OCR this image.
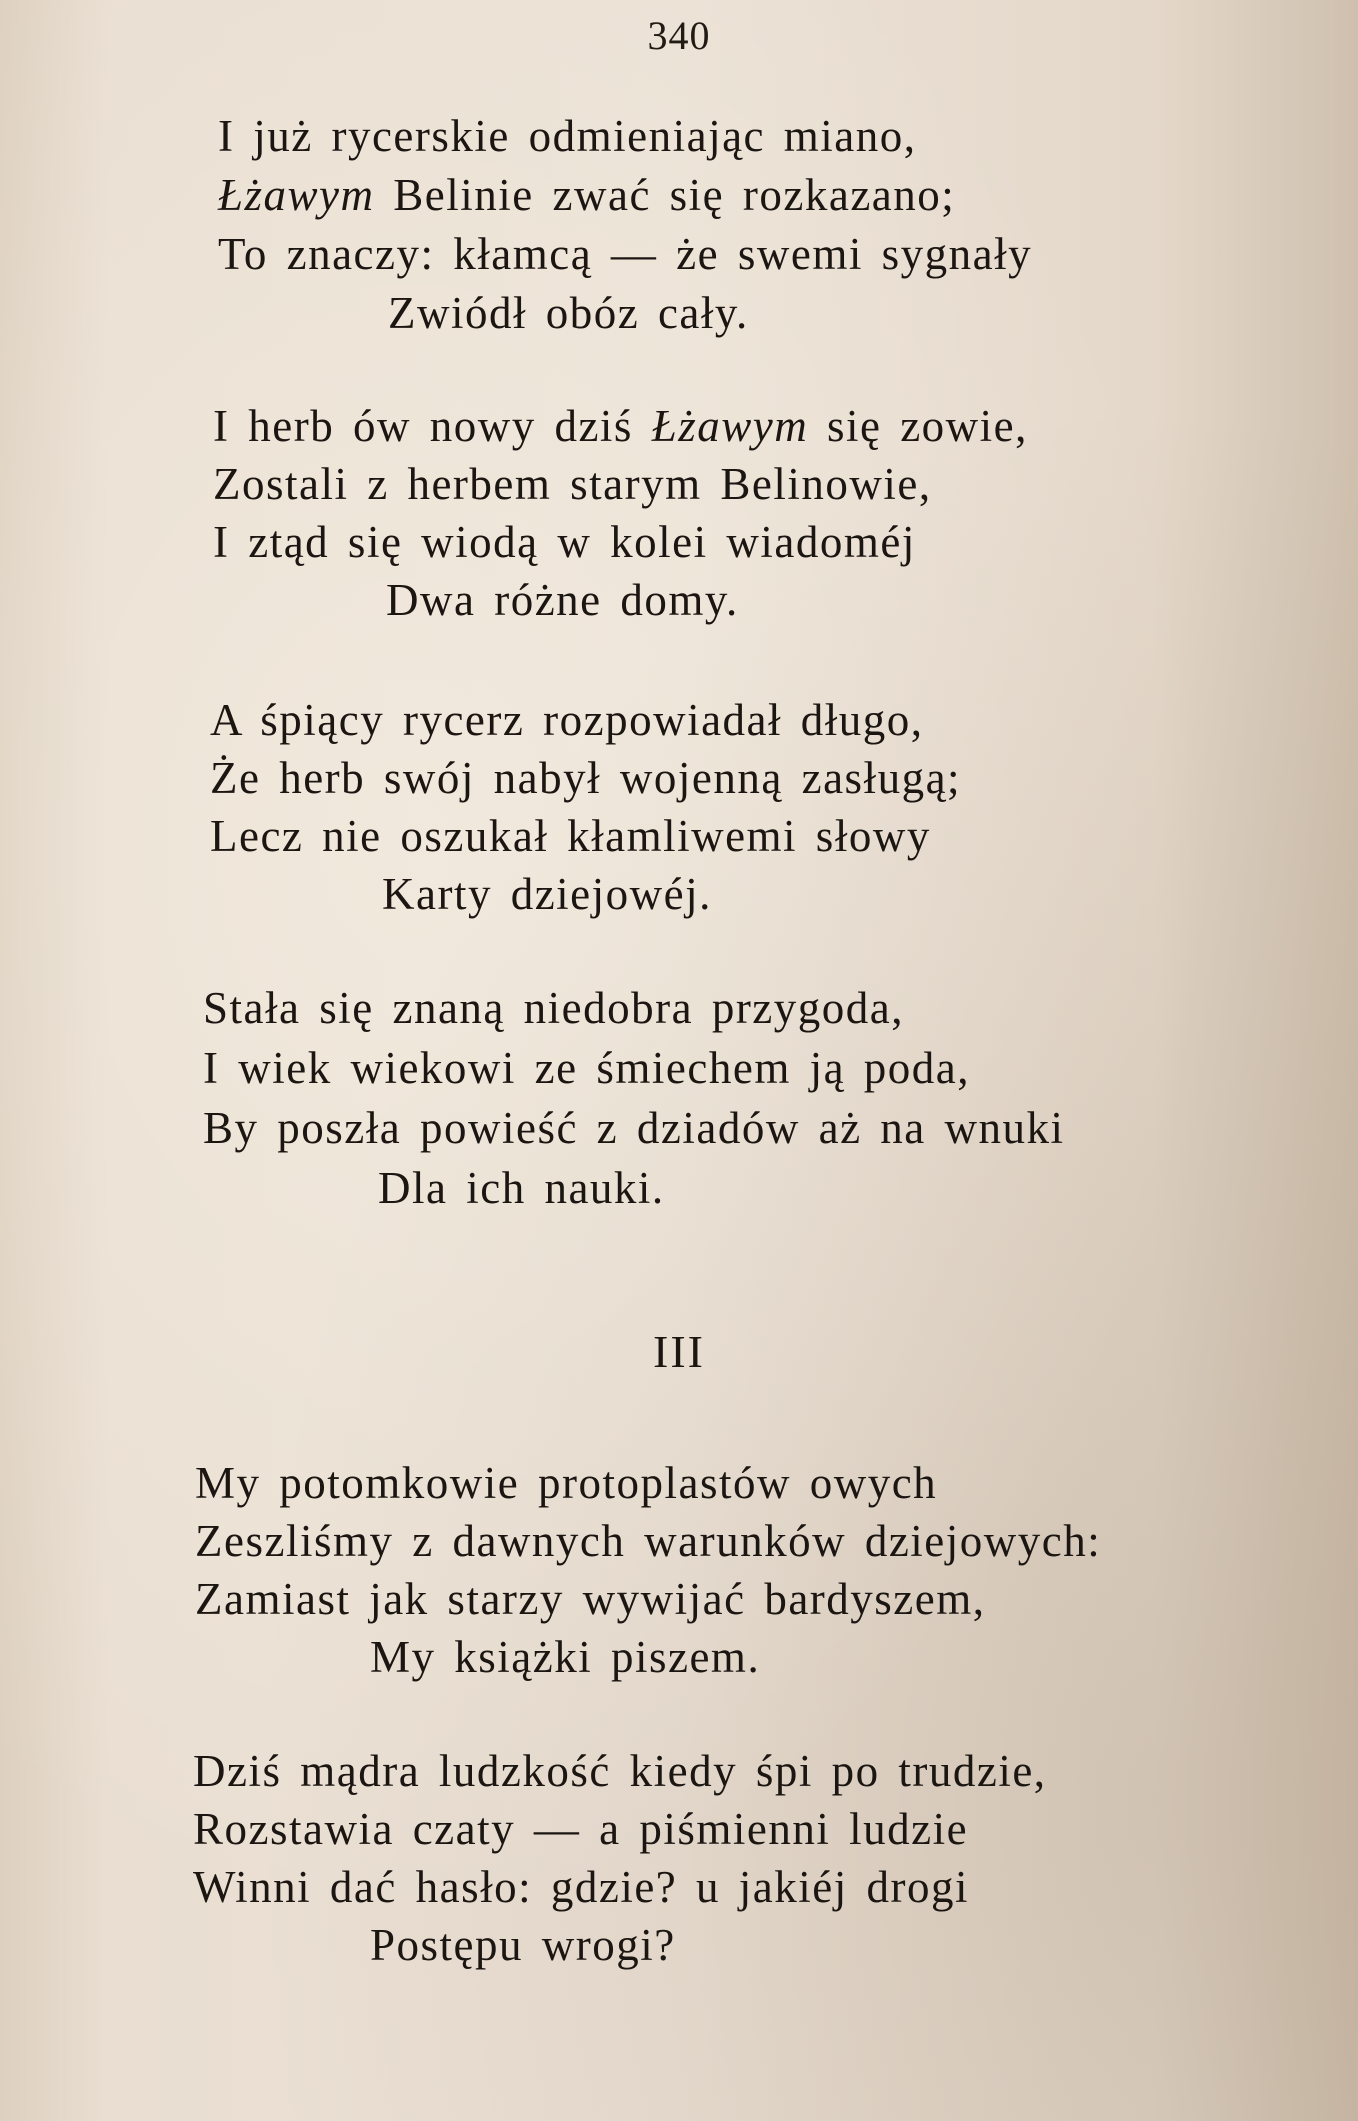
340
I już rycerskie odmieniając miano,
Łżawym Belinie zwać się rozkazano;
To znaczy: kłamcą — że swemi sygnały
Zwiódł obóz cały.
I herb ów nowy dziś Łżawym się zowie,
Zostali z herbem starym Belinowie,
I ztąd się wiodą w kolei wiadoméj
Dwa różne domy.
A śpiący rycerz rozpowiadał długo,
Że herb swój nabył wojenną zasługą;
Lecz nie oszukał kłamliwemi słowy
Karty dziejowéj.
Stała się znaną niedobra przygoda,
I wiek wiekowi ze śmiechem ją poda,
By poszła powieść z dziadów aż na wnuki
Dla ich nauki.
III
My potomkowie protoplastów owych
Zeszliśmy z dawnych warunków dziejowych:
Zamiast jak starzy wywijać bardyszem,
My książki piszem.
Dziś mądra ludzkość kiedy śpi po trudzie,
Rozstawia czaty — a piśmienni ludzie
Winni dać hasło: gdzie? u jakiéj drogi
Postępu wrogi?
